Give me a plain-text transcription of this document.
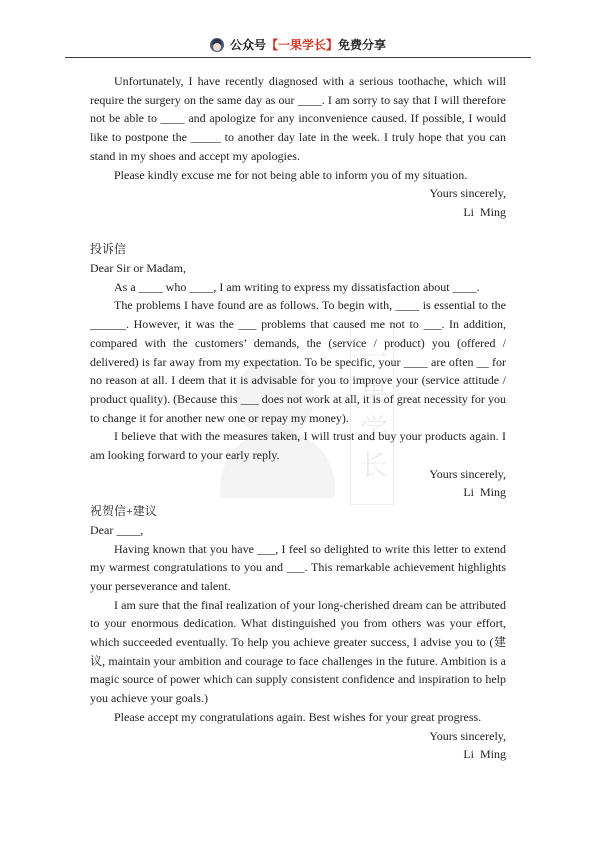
公众号【一果学长】免费分享
一果学长

Unfortunately, I have recently diagnosed with a serious toothache, which will require the surgery on the same day as our ____. I am sorry to say that I will therefore not be able to ____ and apologize for any inconvenience caused. If possible, I would like to postpone the _____ to another day late in the week. I truly hope that you can stand in my shoes and accept my apologies.

Please kindly excuse me for not being able to inform you of my situation.

Yours sincerely,

Li  Ming

投诉信

Dear Sir or Madam,

As a ____ who ____, I am writing to express my dissatisfaction about ____.

The problems I have found are as follows. To begin with, ____ is essential to the ______. However, it was the ___ problems that caused me not to ___. In addition, compared with the customers’ demands, the (service / product) you (offered / delivered) is far away from my expectation. To be specific, your ____ are often __ for no reason at all. I deem that it is advisable for you to improve your (service attitude / product quality). (Because this ___ does not work at all, it is of great necessity for you to change it for another new one or repay my money).

I believe that with the measures taken, I will trust and buy your products again. I am looking forward to your early reply.

Yours sincerely,

Li  Ming

祝贺信+建议

Dear ____,

Having known that you have ___, I feel so delighted to write this letter to extend my warmest congratulations to you and ___. This remarkable achievement highlights your perseverance and talent.

I am sure that the final realization of your long-cherished dream can be attributed to your enormous dedication. What distinguished you from others was your effort, which succeeded eventually. To help you achieve greater success, I advise you to (建议, maintain your ambition and courage to face challenges in the future. Ambition is a magic source of power which can supply consistent confidence and inspiration to help you achieve your goals.)

Please accept my congratulations again. Best wishes for your great progress.

Yours sincerely,

Li  Ming
